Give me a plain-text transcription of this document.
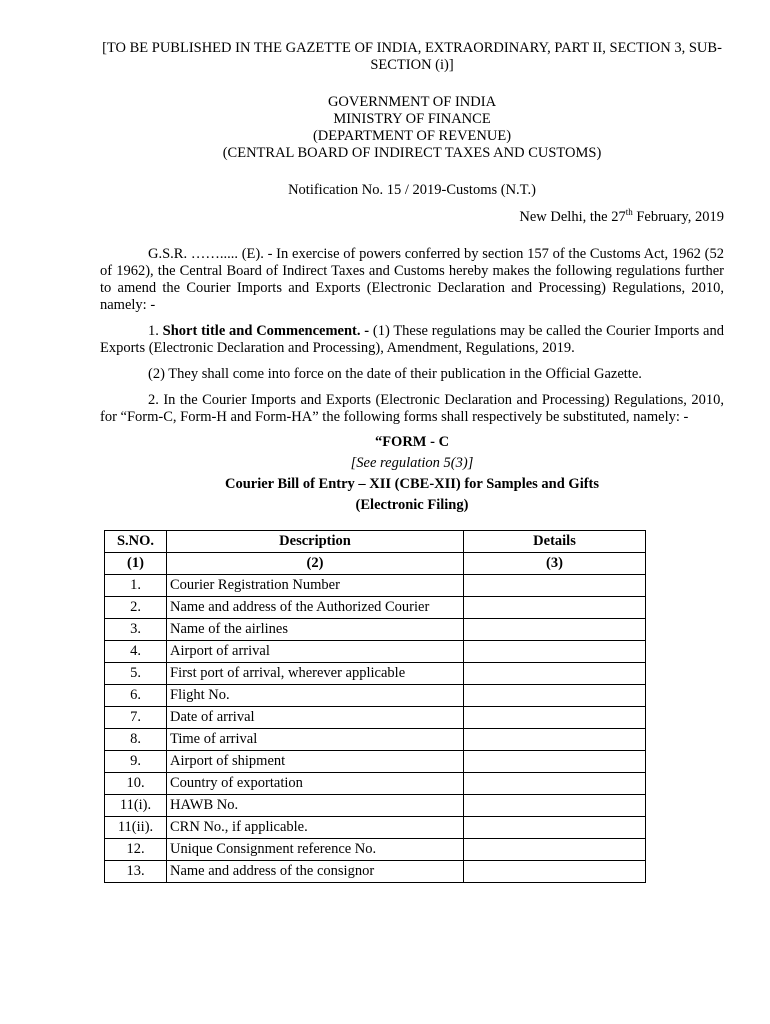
[TO BE PUBLISHED IN THE GAZETTE OF INDIA, EXTRAORDINARY, PART II, SECTION 3, SUB-SECTION (i)]
GOVERNMENT OF INDIA
MINISTRY OF FINANCE
(DEPARTMENT OF REVENUE)
(CENTRAL BOARD OF INDIRECT TAXES AND CUSTOMS)
Notification No. 15 / 2019-Customs (N.T.)
New Delhi, the 27th February, 2019
G.S.R. ……..... (E). - In exercise of powers conferred by section 157 of the Customs Act, 1962 (52 of 1962), the Central Board of Indirect Taxes and Customs hereby makes the following regulations further to amend the Courier Imports and Exports (Electronic Declaration and Processing) Regulations, 2010, namely: -
1. Short title and Commencement. - (1) These regulations may be called the Courier Imports and Exports (Electronic Declaration and Processing), Amendment, Regulations, 2019.
(2) They shall come into force on the date of their publication in the Official Gazette.
2. In the Courier Imports and Exports (Electronic Declaration and Processing) Regulations, 2010, for “Form-C, Form-H and Form-HA” the following forms shall respectively be substituted, namely: -
“FORM - C
[See regulation 5(3)]
Courier Bill of Entry – XII (CBE-XII) for Samples and Gifts
(Electronic Filing)
S.NO.	Description	Details
(1)	(2)	(3)
1.	Courier Registration Number	
2.	Name and address of the Authorized Courier	
3.	Name of the airlines	
4.	Airport of arrival	
5.	First port of arrival, wherever applicable	
6.	Flight No.	
7.	Date of arrival	
8.	Time of arrival	
9.	Airport of shipment	
10.	Country of exportation	
11(i).	HAWB No.	
11(ii).	CRN No., if applicable.	
12.	Unique Consignment reference No.	
13.	Name and address of the consignor	
